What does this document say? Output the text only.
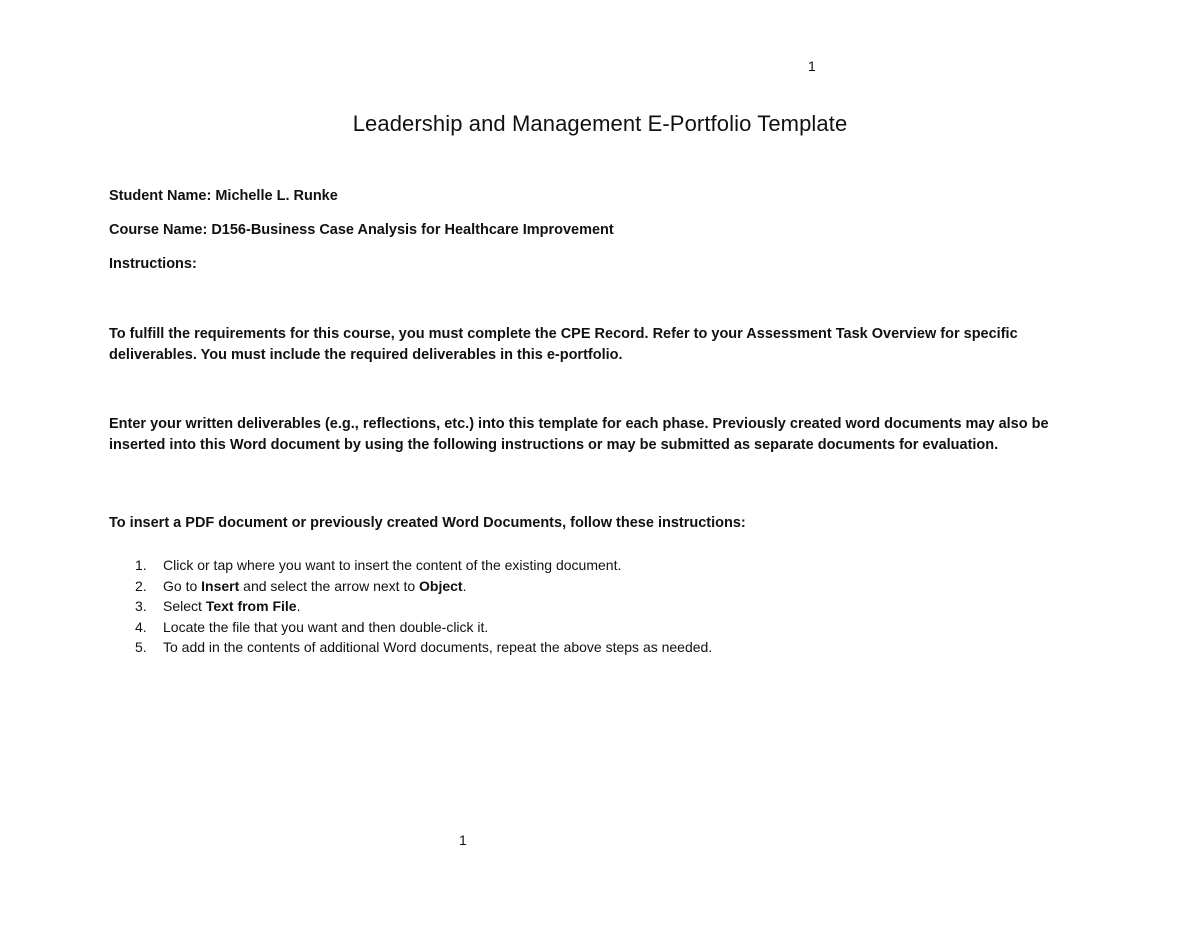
1
Leadership and Management E-Portfolio Template
Student Name: Michelle L. Runke
Course Name: D156-Business Case Analysis for Healthcare Improvement
Instructions:
To fulfill the requirements for this course, you must complete the CPE Record. Refer to your Assessment Task Overview for specific deliverables. You must include the required deliverables in this e-portfolio.
Enter your written deliverables (e.g., reflections, etc.) into this template for each phase. Previously created word documents may also be inserted into this Word document by using the following instructions or may be submitted as separate documents for evaluation.
To insert a PDF document or previously created Word Documents, follow these instructions:
1.	Click or tap where you want to insert the content of the existing document.
2.	Go to Insert and select the arrow next to Object.
3.	Select Text from File.
4.	Locate the file that you want and then double-click it.
5.	To add in the contents of additional Word documents, repeat the above steps as needed.
1
